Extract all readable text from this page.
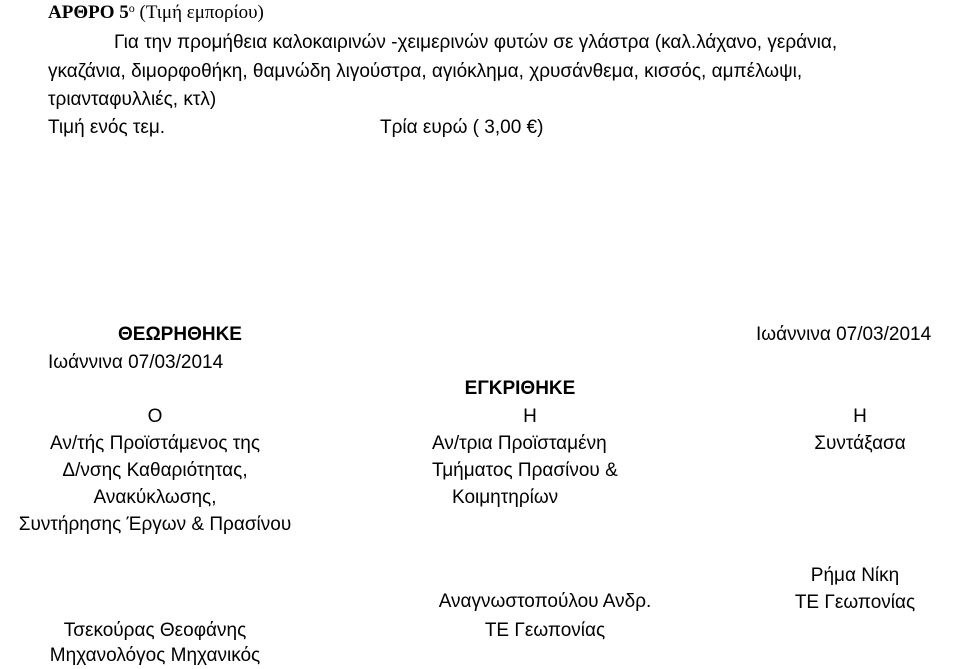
ΑΡΘΡΟ $5^o$ (Τιμή εμπορίου)
Για την προμήθεια καλοκαιρινών -χειμερινών φυτών σε γλάστρα (καλ.λάχανο, γεράνια,
γκαζάνια, διμορφοθήκη, θαμνώδη λιγούστρα, αγιόκλημα, χρυσάνθεμα, κισσός, αμπέλωψι,
τριανταφυλλιές, κτλ)
Τιμή ενός τεμ.	Τρία ευρώ ( 3,00 €)
ΘΕΩΡΗΘΗΚΕ
Ιωάννινα 07/03/2014
Ιωάννινα 07/03/2014
ΕΓΚΡΙΘΗΚΕ
Ο
Αν/τής Προϊστάμενος της
Δ/νσης Καθαριότητας,
Ανακύκλωσης,
Συντήρησης Έργων & Πρασίνου
Τσεκούρας Θεοφάνης
Μηχανολόγος Μηχανικός
Η
Αν/τρια Προϊσταμένη
Τμήματος Πρασίνου &
Κοιμητηρίων
Αναγνωστοπούλου Ανδρ.
ΤΕ Γεωπονίας
Η
Συντάξασα
Ρήμα Νίκη
ΤΕ Γεωπονίας
